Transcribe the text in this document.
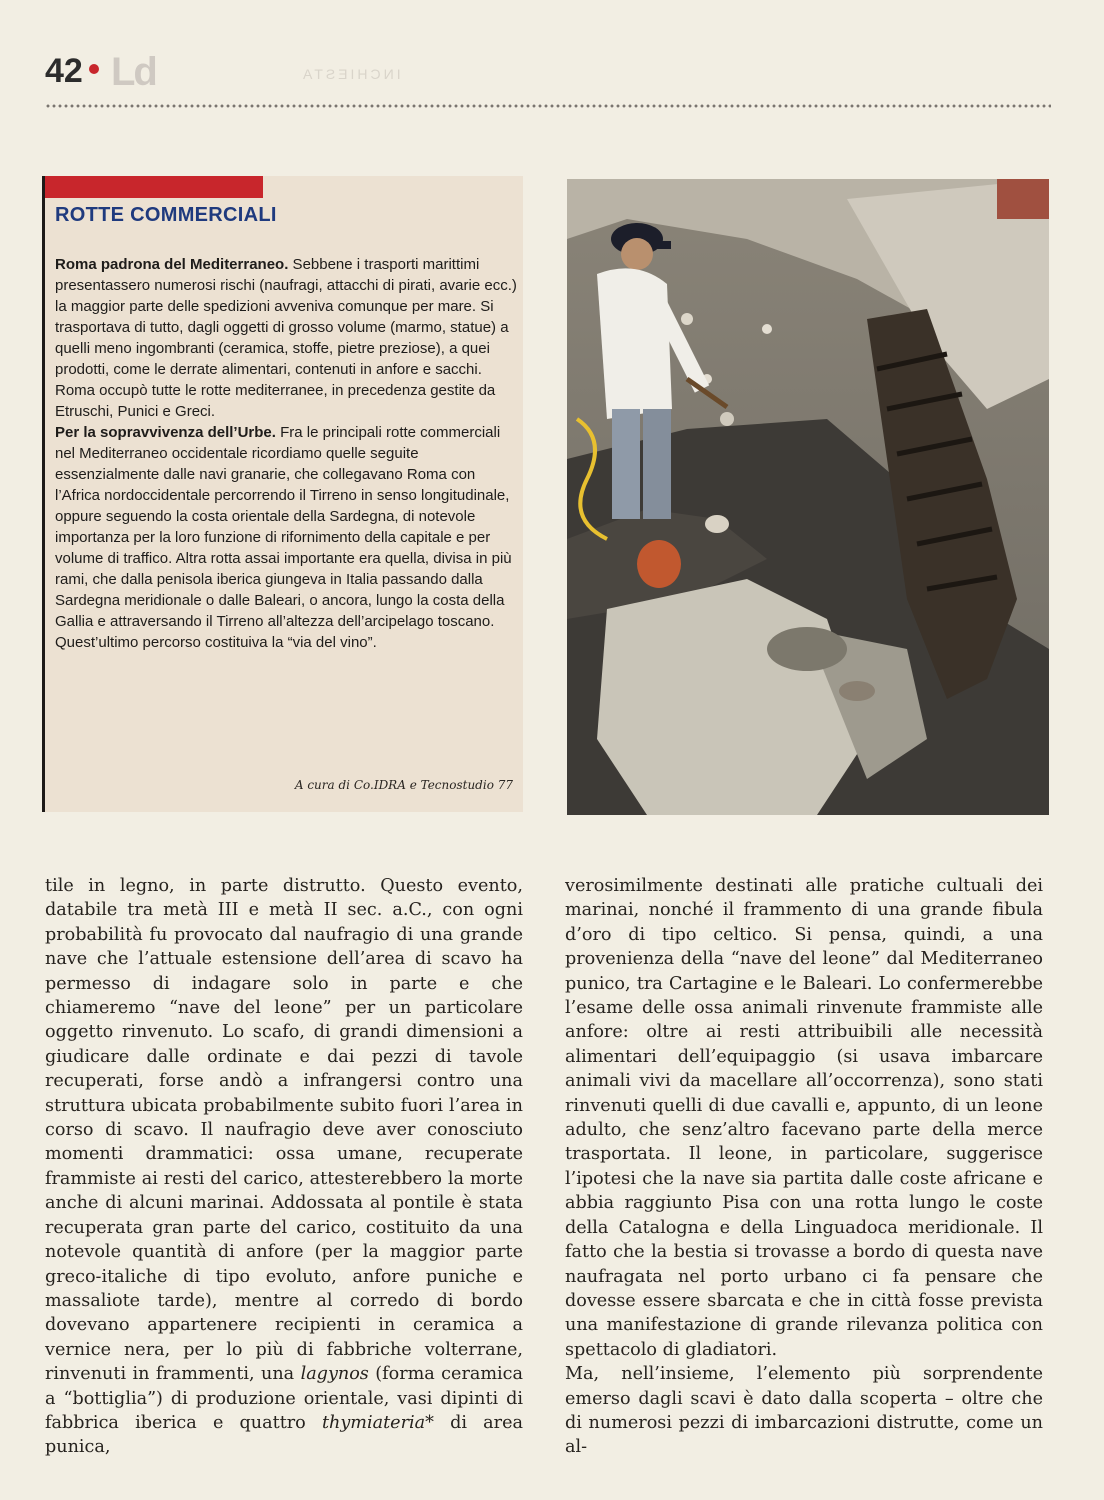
42 Ld	INCHIESTA
ROTTE COMMERCIALI

Roma padrona del Mediterraneo. Sebbene i trasporti marittimi presentassero numerosi rischi (naufragi, attacchi di pirati, avarie ecc.) la maggior parte delle spedizioni avveniva comunque per mare. Si trasportava di tutto, dagli oggetti di grosso volume (marmo, statue) a quelli meno ingombranti (ceramica, stoffe, pietre preziose), a quei prodotti, come le derrate alimentari, contenuti in anfore e sacchi. Roma occupò tutte le rotte mediterranee, in precedenza gestite da Etruschi, Punici e Greci.

Per la sopravvivenza dell’Urbe. Fra le principali rotte commerciali nel Mediterraneo occidentale ricordiamo quelle seguite essenzialmente dalle navi granarie, che collegavano Roma con l’Africa nordoccidentale percorrendo il Tirreno in senso longitudinale, oppure seguendo la costa orientale della Sardegna, di notevole importanza per la loro funzione di rifornimento della capitale e per volume di traffico. Altra rotta assai importante era quella, divisa in più rami, che dalla penisola iberica giungeva in Italia passando dalla Sardegna meridionale o dalle Baleari, o ancora, lungo la costa della Gallia e attraversando il Tirreno all’altezza dell’arcipelago toscano. Quest’ultimo percorso costituiva la “via del vino”.

A cura di Co.IDRA e Tecnostudio 77

tile in legno, in parte distrutto. Questo evento, databile tra metà III e metà II sec. a.C., con ogni probabilità fu provocato dal naufragio di una grande nave che l’attuale estensione dell’area di scavo ha permesso di indagare solo in parte e che chiameremo “nave del leone” per un particolare oggetto rinvenuto. Lo scafo, di grandi dimensioni a giudicare dalle ordinate e dai pezzi di tavole recuperati, forse andò a infrangersi contro una struttura ubicata probabilmente subito fuori l’area in corso di scavo. Il naufragio deve aver conosciuto momenti drammatici: ossa umane, recuperate frammiste ai resti del carico, attesterebbero la morte anche di alcuni marinai. Addossata al pontile è stata recuperata gran parte del carico, costituito da una notevole quantità di anfore (per la maggior parte greco-italiche di tipo evoluto, anfore puniche e massaliote tarde), mentre al corredo di bordo dovevano appartenere recipienti in ceramica a vernice nera, per lo più di fabbriche volterrane, rinvenuti in frammenti, una lagynos (forma ceramica a “bottiglia”) di produzione orientale, vasi dipinti di fabbrica iberica e quattro thymiateria* di area punica,

verosimilmente destinati alle pratiche cultuali dei marinai, nonché il frammento di una grande fibula d’oro di tipo celtico. Si pensa, quindi, a una provenienza della “nave del leone” dal Mediterraneo punico, tra Cartagine e le Baleari. Lo confermerebbe l’esame delle ossa animali rinvenute frammiste alle anfore: oltre ai resti attribuibili alle necessità alimentari dell’equipaggio (si usava imbarcare animali vivi da macellare all’occorrenza), sono stati rinvenuti quelli di due cavalli e, appunto, di un leone adulto, che senz’altro facevano parte della merce trasportata. Il leone, in particolare, suggerisce l’ipotesi che la nave sia partita dalle coste africane e abbia raggiunto Pisa con una rotta lungo le coste della Catalogna e della Linguadoca meridionale. Il fatto che la bestia si trovasse a bordo di questa nave naufragata nel porto urbano ci fa pensare che dovesse essere sbarcata e che in città fosse prevista una manifestazione di grande rilevanza politica con spettacolo di gladiatori.

Ma, nell’insieme, l’elemento più sorprendente emerso dagli scavi è dato dalla scoperta – oltre che di numerosi pezzi di imbarcazioni distrutte, come un al-
